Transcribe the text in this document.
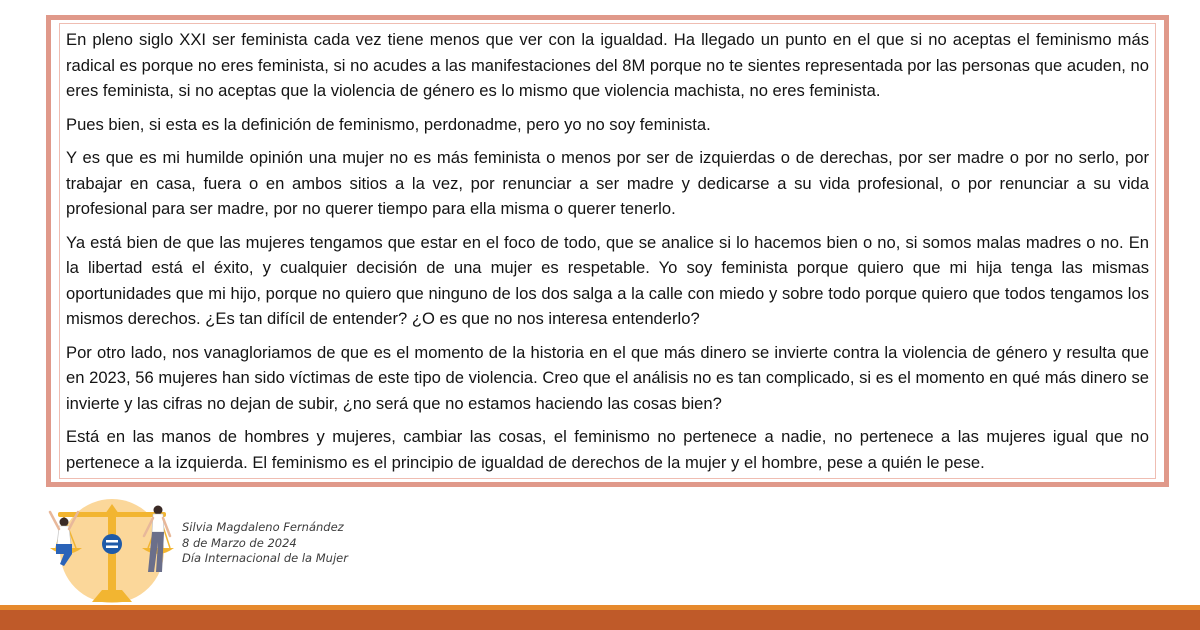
En pleno siglo XXI ser feminista cada vez tiene menos que ver con la igualdad. Ha llegado un punto en el que si no aceptas el feminismo más radical es porque no eres feminista, si no acudes a las manifestaciones del 8M porque no te sientes representada por las personas que acuden, no eres feminista, si no aceptas que la violencia de género es lo mismo que violencia machista, no eres feminista.

Pues bien, si esta es la definición de feminismo, perdonadme, pero yo no soy feminista.

Y es que es mi humilde opinión una mujer no es más feminista o menos por ser de izquierdas o de derechas, por ser madre o por no serlo, por trabajar en casa, fuera o en ambos sitios a la vez, por renunciar a ser madre y dedicarse a su vida profesional, o por renunciar a su vida profesional para ser madre, por no querer tiempo para ella misma o querer tenerlo.

Ya está bien de que las mujeres tengamos que estar en el foco de todo, que se analice si lo hacemos bien o no, si somos malas madres o no. En la libertad está el éxito, y cualquier decisión de una mujer es respetable. Yo soy feminista porque quiero que mi hija tenga las mismas oportunidades que mi hijo, porque no quiero que ninguno de los dos salga a la calle con miedo y sobre todo porque quiero que todos tengamos los mismos derechos. ¿Es tan difícil de entender? ¿O es que no nos interesa entenderlo?

Por otro lado, nos vanagloriamos de que es el momento de la historia en el que más dinero se invierte contra la violencia de género y resulta que en 2023, 56 mujeres han sido víctimas de este tipo de violencia. Creo que el análisis no es tan complicado, si es el momento en qué más dinero se invierte y las cifras no dejan de subir, ¿no será que no estamos haciendo las cosas bien?

Está en las manos de hombres y mujeres, cambiar las cosas, el feminismo no pertenece a nadie, no pertenece a las mujeres igual que no pertenece a la izquierda. El feminismo es el principio de igualdad de derechos de la mujer y el hombre, pese a quién le pese.

Silvia Magdaleno Fernández
8 de Marzo de 2024
Día Internacional de la Mujer
